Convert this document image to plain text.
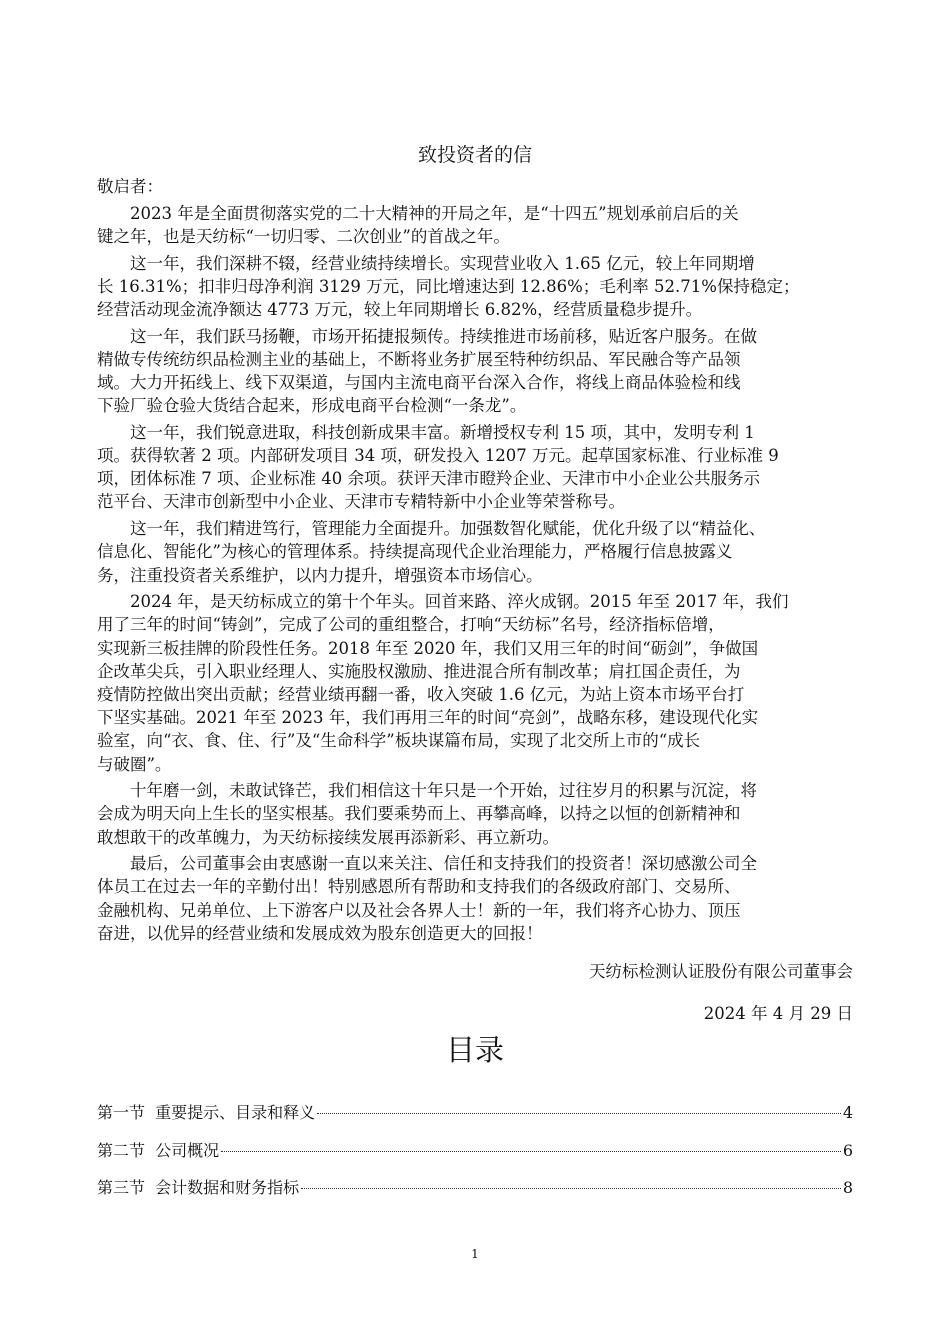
致投资者的信
敬启者：
2023 年是全面贯彻落实党的二十大精神的开局之年，是“十四五”规划承前启后的关
键之年，也是天纺标“一切归零、二次创业”的首战之年。
这一年，我们深耕不辍，经营业绩持续增长。实现营业收入 1.65 亿元，较上年同期增
长 16.31%；扣非归母净利润 3129 万元，同比增速达到 12.86%；毛利率 52.71%保持稳定；
经营活动现金流净额达 4773 万元，较上年同期增长 6.82%，经营质量稳步提升。
这一年，我们跃马扬鞭，市场开拓捷报频传。持续推进市场前移，贴近客户服务。在做
精做专传统纺织品检测主业的基础上，不断将业务扩展至特种纺织品、军民融合等产品领
域。大力开拓线上、线下双渠道，与国内主流电商平台深入合作，将线上商品体验检和线
下验厂验仓验大货结合起来，形成电商平台检测“一条龙”。
这一年，我们锐意进取，科技创新成果丰富。新增授权专利 15 项，其中，发明专利 1
项。获得软著 2 项。内部研发项目 34 项，研发投入 1207 万元。起草国家标准、行业标准 9
项，团体标准 7 项、企业标准 40 余项。获评天津市瞪羚企业、天津市中小企业公共服务示
范平台、天津市创新型中小企业、天津市专精特新中小企业等荣誉称号。
这一年，我们精进笃行，管理能力全面提升。加强数智化赋能，优化升级了以“精益化、
信息化、智能化”为核心的管理体系。持续提高现代企业治理能力，严格履行信息披露义
务，注重投资者关系维护，以内力提升，增强资本市场信心。
2024 年，是天纺标成立的第十个年头。回首来路、淬火成钢。2015 年至 2017 年，我们
用了三年的时间“铸剑”，完成了公司的重组整合，打响“天纺标”名号，经济指标倍增，
实现新三板挂牌的阶段性任务。2018 年至 2020 年，我们又用三年的时间“砺剑”，争做国
企改革尖兵，引入职业经理人、实施股权激励、推进混合所有制改革；肩扛国企责任，为
疫情防控做出突出贡献；经营业绩再翻一番，收入突破 1.6 亿元，为站上资本市场平台打
下坚实基础。2021 年至 2023 年，我们再用三年的时间“亮剑”，战略东移，建设现代化实
验室，向“衣、食、住、行”及“生命科学”板块谋篇布局，实现了北交所上市的“成长
与破圈”。
十年磨一剑，未敢试锋芒，我们相信这十年只是一个开始，过往岁月的积累与沉淀，将
会成为明天向上生长的坚实根基。我们要乘势而上、再攀高峰，以持之以恒的创新精神和
敢想敢干的改革魄力，为天纺标接续发展再添新彩、再立新功。
最后，公司董事会由衷感谢一直以来关注、信任和支持我们的投资者！深切感激公司全
体员工在过去一年的辛勤付出！特别感恩所有帮助和支持我们的各级政府部门、交易所、
金融机构、兄弟单位、上下游客户以及社会各界人士！新的一年，我们将齐心协力、顶压
奋进，以优异的经营业绩和发展成效为股东创造更大的回报！
天纺标检测认证股份有限公司董事会
2024 年 4 月 29 日
目录
第一节  重要提示、目录和释义	4
第二节  公司概况	6
第三节  会计数据和财务指标	8
1
